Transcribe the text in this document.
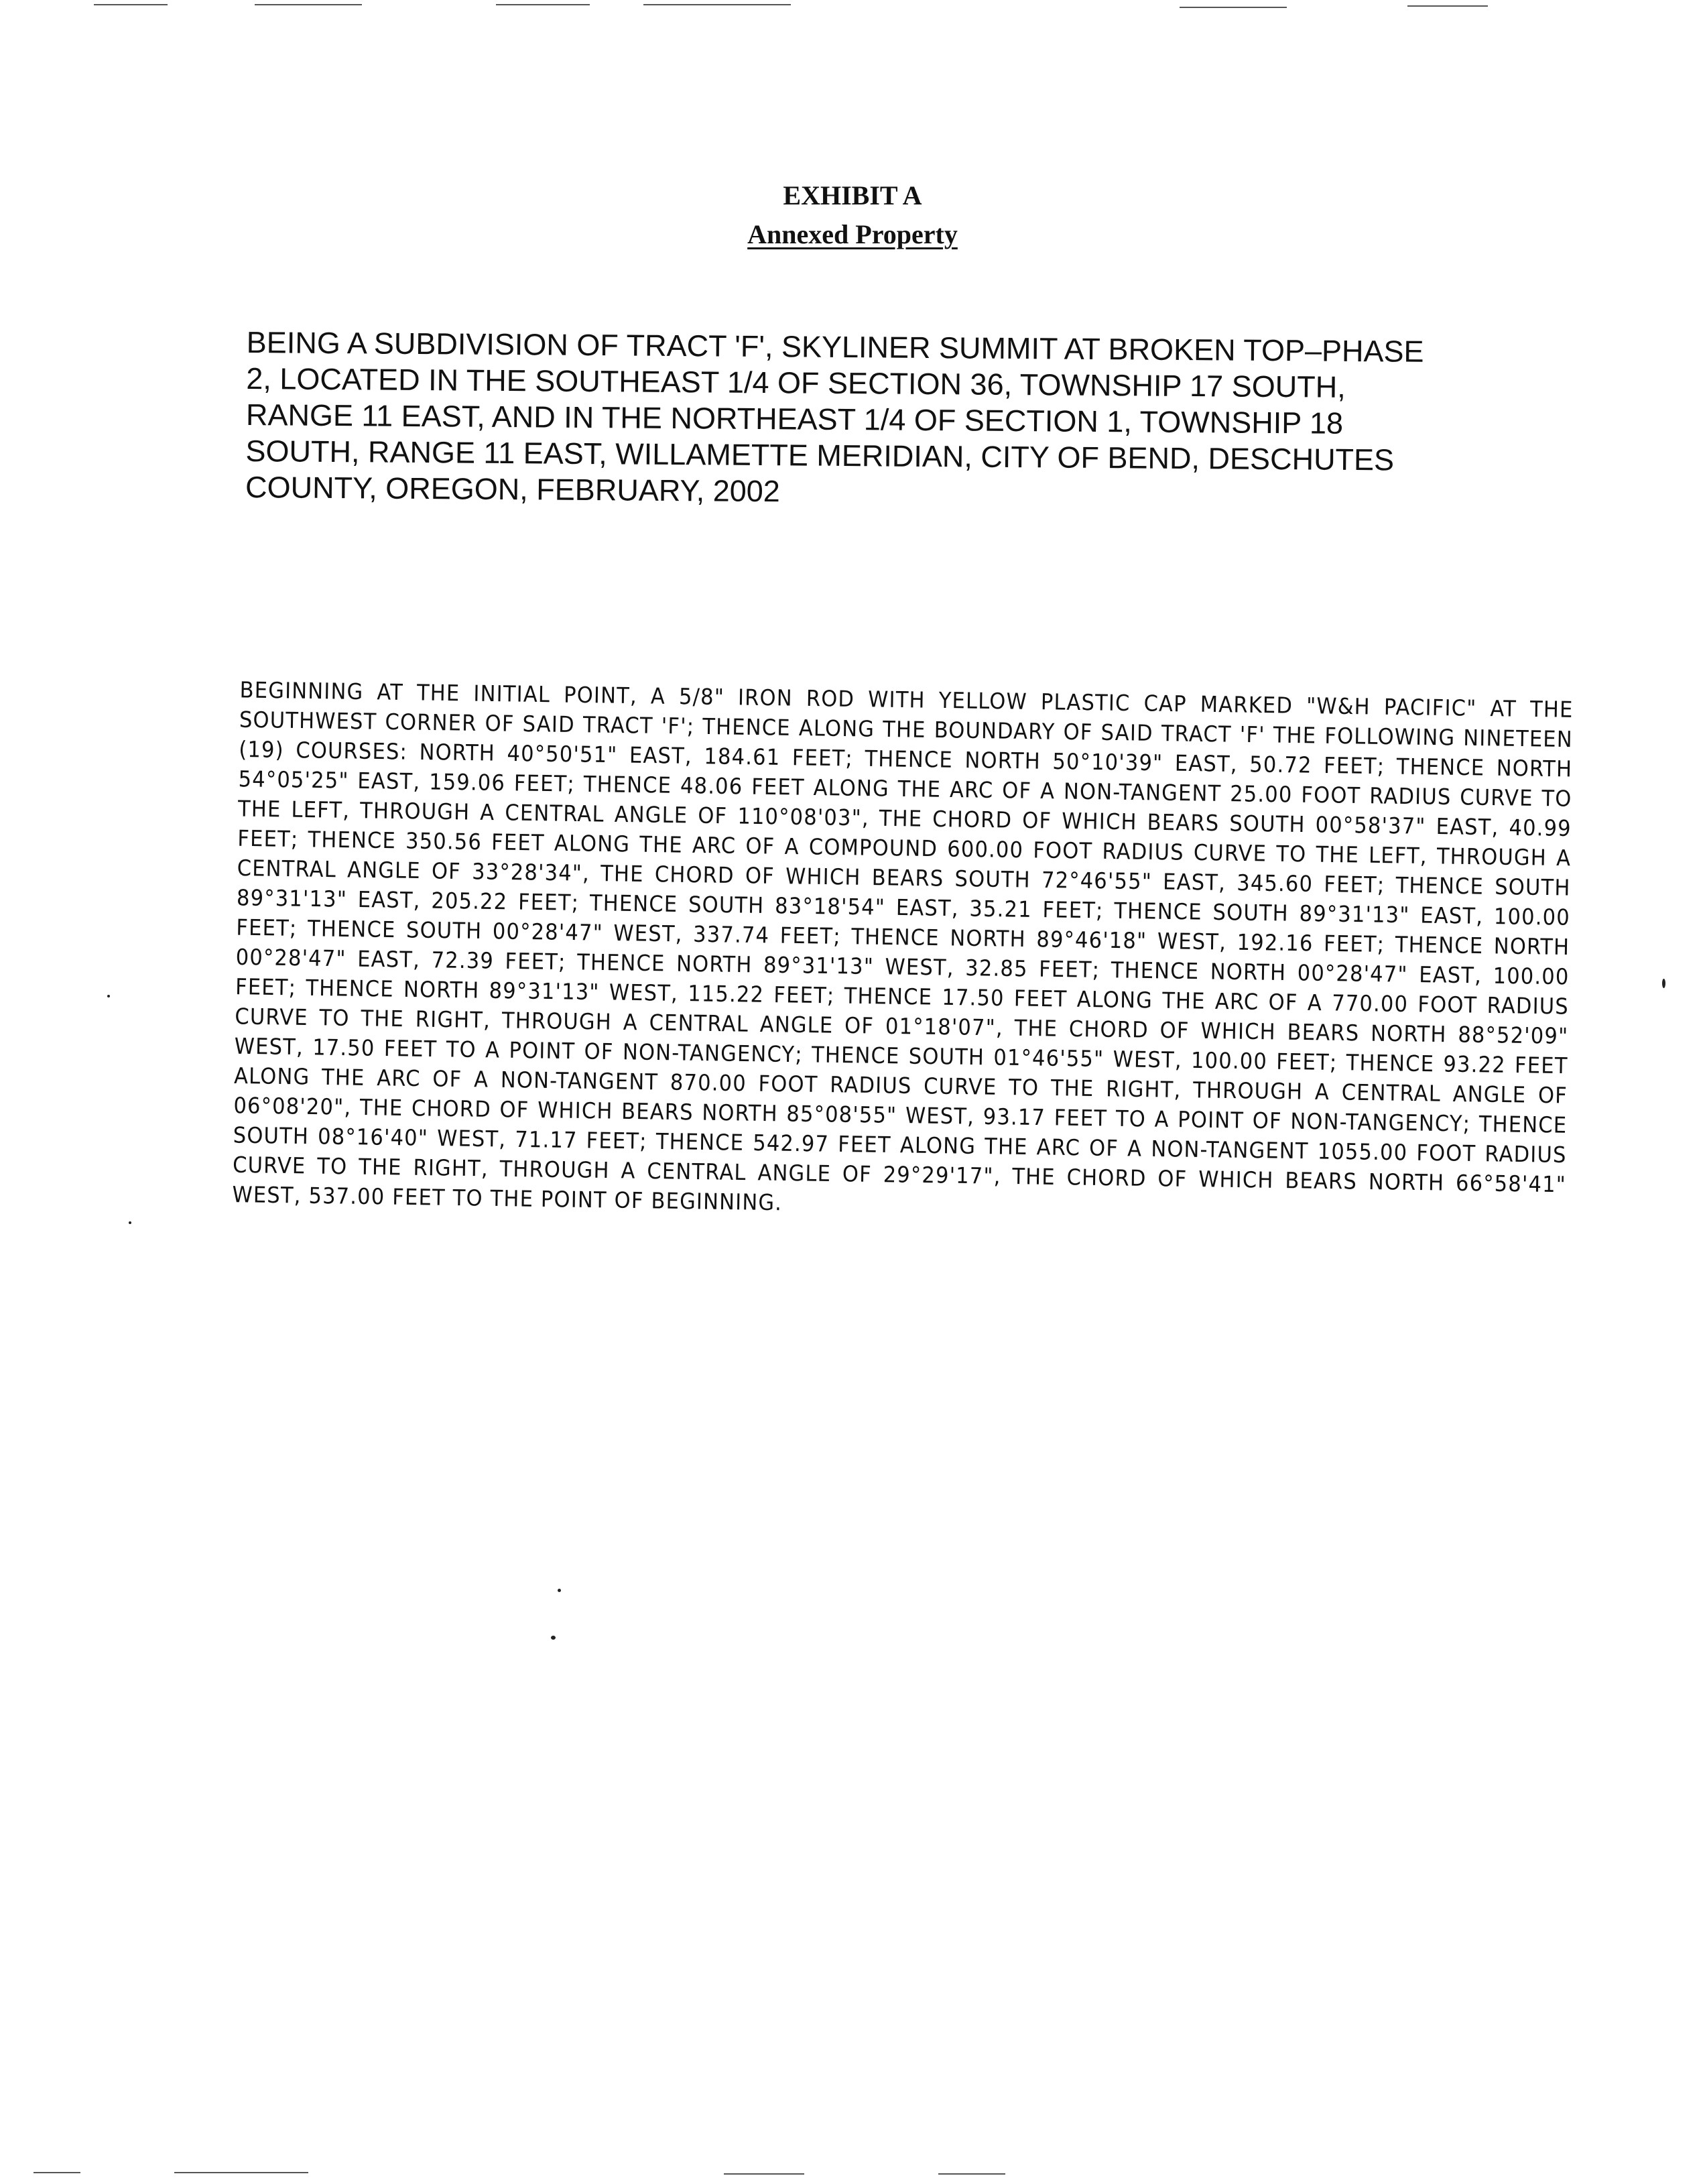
EXHIBIT A
Annexed Property

BEING A SUBDIVISION OF TRACT 'F', SKYLINER SUMMIT AT BROKEN TOP–PHASE 2, LOCATED IN THE SOUTHEAST 1/4 OF SECTION 36, TOWNSHIP 17 SOUTH, RANGE 11 EAST, AND IN THE NORTHEAST 1/4 OF SECTION 1, TOWNSHIP 18 SOUTH, RANGE 11 EAST, WILLAMETTE MERIDIAN, CITY OF BEND, DESCHUTES COUNTY, OREGON, FEBRUARY, 2002

BEGINNING AT THE INITIAL POINT, A 5/8" IRON ROD WITH YELLOW PLASTIC CAP MARKED "W&H PACIFIC" AT THE SOUTHWEST CORNER OF SAID TRACT 'F'; THENCE ALONG THE BOUNDARY OF SAID TRACT 'F' THE FOLLOWING NINETEEN (19) COURSES: NORTH 40°50'51" EAST, 184.61 FEET; THENCE NORTH 50°10'39" EAST, 50.72 FEET; THENCE NORTH 54°05'25" EAST, 159.06 FEET; THENCE 48.06 FEET ALONG THE ARC OF A NON-TANGENT 25.00 FOOT RADIUS CURVE TO THE LEFT, THROUGH A CENTRAL ANGLE OF 110°08'03", THE CHORD OF WHICH BEARS SOUTH 00°58'37" EAST, 40.99 FEET; THENCE 350.56 FEET ALONG THE ARC OF A COMPOUND 600.00 FOOT RADIUS CURVE TO THE LEFT, THROUGH A CENTRAL ANGLE OF 33°28'34", THE CHORD OF WHICH BEARS SOUTH 72°46'55" EAST, 345.60 FEET; THENCE SOUTH 89°31'13" EAST, 205.22 FEET; THENCE SOUTH 83°18'54" EAST, 35.21 FEET; THENCE SOUTH 89°31'13" EAST, 100.00 FEET; THENCE SOUTH 00°28'47" WEST, 337.74 FEET; THENCE NORTH 89°46'18" WEST, 192.16 FEET; THENCE NORTH 00°28'47" EAST, 72.39 FEET; THENCE NORTH 89°31'13" WEST, 32.85 FEET; THENCE NORTH 00°28'47" EAST, 100.00 FEET; THENCE NORTH 89°31'13" WEST, 115.22 FEET; THENCE 17.50 FEET ALONG THE ARC OF A 770.00 FOOT RADIUS CURVE TO THE RIGHT, THROUGH A CENTRAL ANGLE OF 01°18'07", THE CHORD OF WHICH BEARS NORTH 88°52'09" WEST, 17.50 FEET TO A POINT OF NON-TANGENCY; THENCE SOUTH 01°46'55" WEST, 100.00 FEET; THENCE 93.22 FEET ALONG THE ARC OF A NON-TANGENT 870.00 FOOT RADIUS CURVE TO THE RIGHT, THROUGH A CENTRAL ANGLE OF 06°08'20", THE CHORD OF WHICH BEARS NORTH 85°08'55" WEST, 93.17 FEET TO A POINT OF NON-TANGENCY; THENCE SOUTH 08°16'40" WEST, 71.17 FEET; THENCE 542.97 FEET ALONG THE ARC OF A NON-TANGENT 1055.00 FOOT RADIUS CURVE TO THE RIGHT, THROUGH A CENTRAL ANGLE OF 29°29'17", THE CHORD OF WHICH BEARS NORTH 66°58'41" WEST, 537.00 FEET TO THE POINT OF BEGINNING.
